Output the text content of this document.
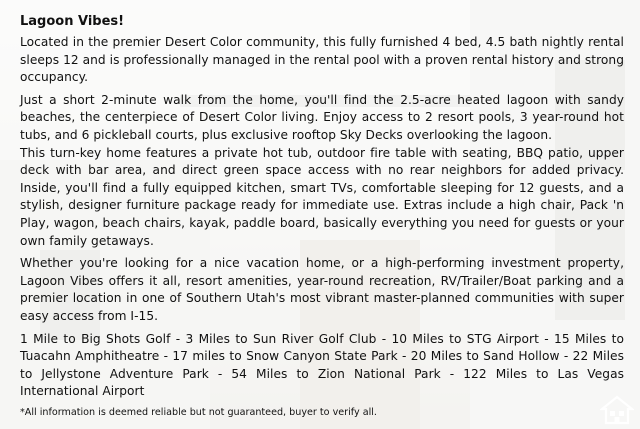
Lagoon Vibes!

Located in the premier Desert Color community, this fully furnished 4 bed, 4.5 bath nightly rental sleeps 12 and is professionally managed in the rental pool with a proven rental history and strong occupancy.

Just a short 2-minute walk from the home, you'll find the 2.5-acre heated lagoon with sandy beaches, the centerpiece of Desert Color living. Enjoy access to 2 resort pools, 3 year-round hot tubs, and 6 pickleball courts, plus exclusive rooftop Sky Decks overlooking the lagoon.

This turn-key home features a private hot tub, outdoor fire table with seating, BBQ patio, upper deck with bar area, and direct green space access with no rear neighbors for added privacy. Inside, you'll find a fully equipped kitchen, smart TVs, comfortable sleeping for 12 guests, and a stylish, designer furniture package ready for immediate use. Extras include a high chair, Pack 'n Play, wagon, beach chairs, kayak, paddle board, basically everything you need for guests or your own family getaways.

Whether you're looking for a nice vacation home, or a high-performing investment property, Lagoon Vibes offers it all, resort amenities, year-round recreation, RV/Trailer/Boat parking and a premier location in one of Southern Utah's most vibrant master-planned communities with super easy access from I-15.

1 Mile to Big Shots Golf - 3 Miles to Sun River Golf Club - 10 Miles to STG Airport - 15 Miles to Tuacahn Amphitheatre - 17 miles to Snow Canyon State Park - 20 Miles to Sand Hollow - 22 Miles to Jellystone Adventure Park - 54 Miles to Zion National Park - 122 Miles to Las Vegas International Airport

*All information is deemed reliable but not guaranteed, buyer to verify all.
